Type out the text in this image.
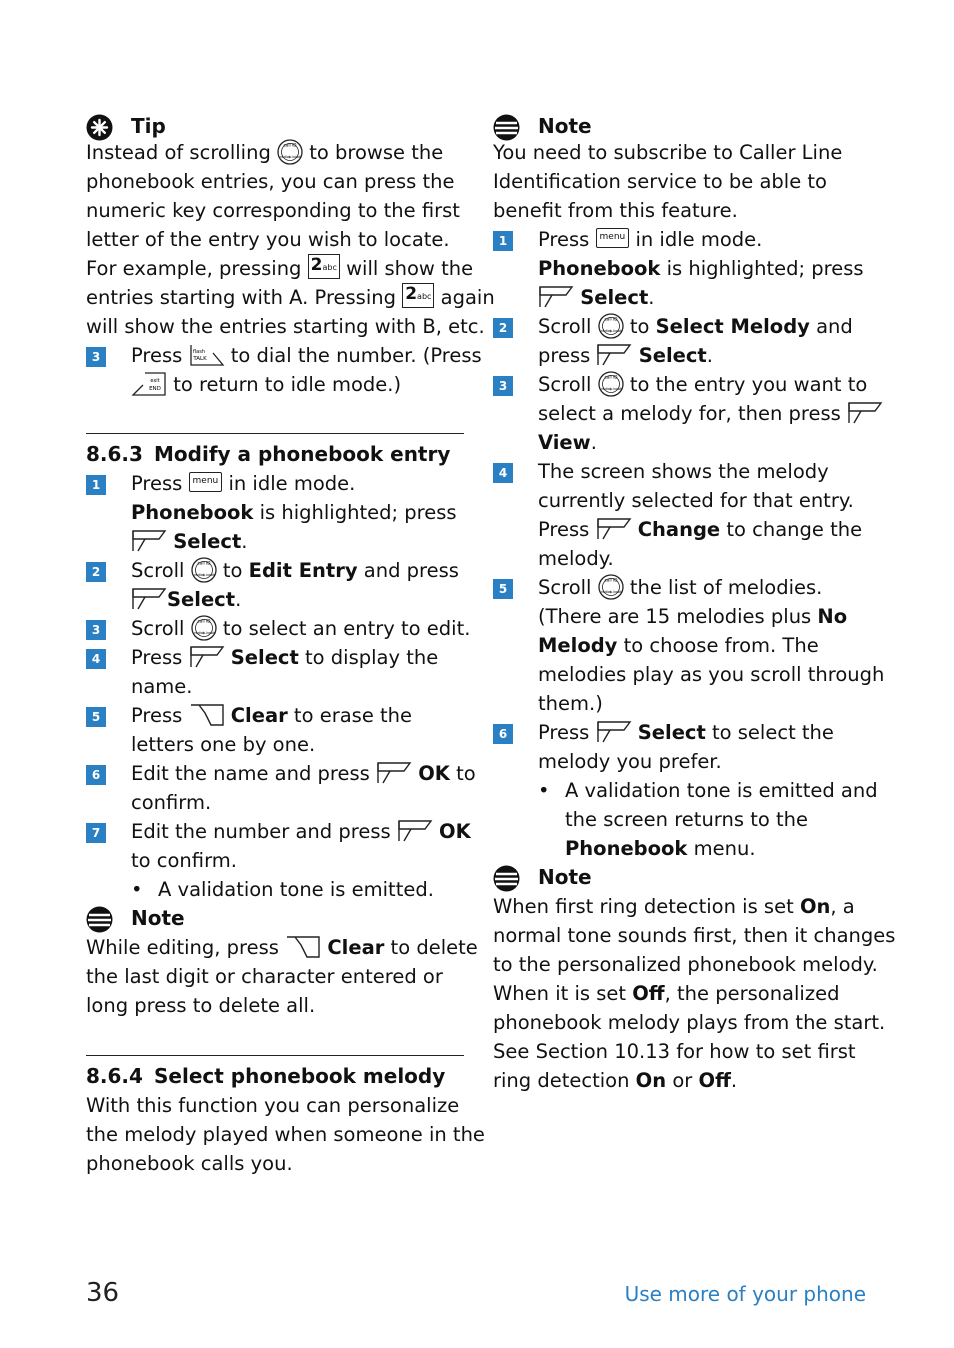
Tip
Instead of scrolling call ID
redial
p.book to browse the
phonebook entries, you can press the
numeric key corresponding to the first
letter of the entry you wish to locate.
For example, pressing 2abc will show the
entries starting with A. Pressing 2abc again
will show the entries starting with B, etc.
3 Press flash
TALK to dial the number. (Press
exit
END to return to idle mode.)
8.6.3 Modify a phonebook entry
1 Press menu in idle mode.
Phonebook is highlighted; press
Select.
2 Scroll call ID
redial
p.book to Edit Entry and press
Select.
3 Scroll call ID
redial
p.book to select an entry to edit.
4 Press
Select to display the
name.
5 Press
Clear to erase the
letters one by one.
6 Edit the name and press
OK to
confirm.
7 Edit the number and press
OK
to confirm.
• A validation tone is emitted.
Note
While editing, press
Clear to delete
the last digit or character entered or
long press to delete all.
8.6.4 Select phonebook melody
With this function you can personalize
the melody played when someone in the
phonebook calls you.
Note
You need to subscribe to Caller Line
Identification service to be able to
benefit from this feature.
1 Press menu in idle mode.
Phonebook is highlighted; press
Select.
2 Scroll call ID
redial
p.book to Select Melody and
press
Select.
3 Scroll call ID
redial
p.book to the entry you want to
select a melody for, then press
View.
4 The screen shows the melody
currently selected for that entry.
Press
Change to change the
melody.
5 Scroll call ID
redial
p.book the list of melodies.
(There are 15 melodies plus No
Melody to choose from. The
melodies play as you scroll through
them.)
6 Press
Select to select the
melody you prefer.
• A validation tone is emitted and
the screen returns to the
Phonebook menu.
Note
When first ring detection is set On, a
normal tone sounds first, then it changes
to the personalized phonebook melody.
When it is set Off, the personalized
phonebook melody plays from the start.
See Section 10.13 for how to set first
ring detection On or Off.
36	Use more of your phone
